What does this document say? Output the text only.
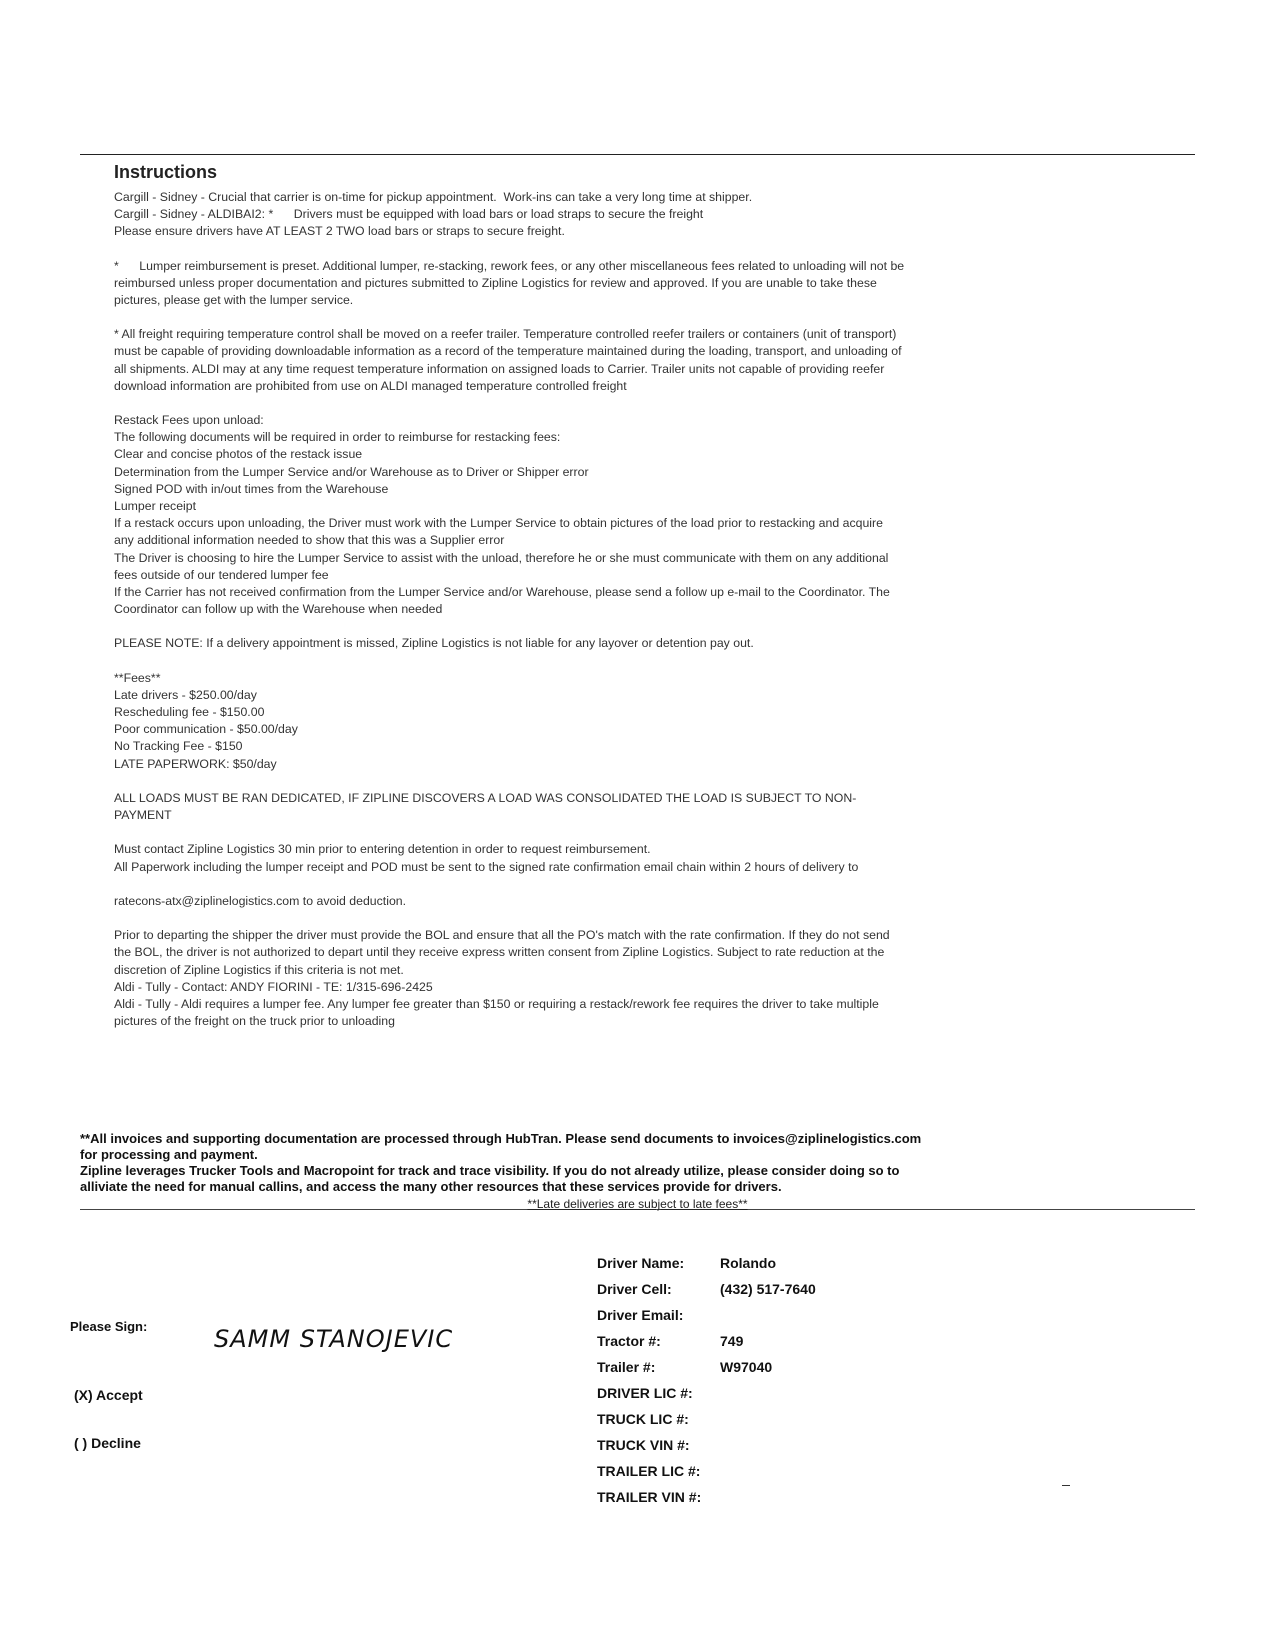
Instructions
Cargill - Sidney - Crucial that carrier is on-time for pickup appointment.  Work-ins can take a very long time at shipper.
Cargill - Sidney - ALDIBAI2: *      Drivers must be equipped with load bars or load straps to secure the freight
Please ensure drivers have AT LEAST 2 TWO load bars or straps to secure freight.
*      Lumper reimbursement is preset. Additional lumper, re-stacking, rework fees, or any other miscellaneous fees related to unloading will not be
reimbursed unless proper documentation and pictures submitted to Zipline Logistics for review and approved. If you are unable to take these
pictures, please get with the lumper service.
* All freight requiring temperature control shall be moved on a reefer trailer. Temperature controlled reefer trailers or containers (unit of transport)
must be capable of providing downloadable information as a record of the temperature maintained during the loading, transport, and unloading of
all shipments. ALDI may at any time request temperature information on assigned loads to Carrier. Trailer units not capable of providing reefer
download information are prohibited from use on ALDI managed temperature controlled freight
Restack Fees upon unload:
The following documents will be required in order to reimburse for restacking fees:
Clear and concise photos of the restack issue
Determination from the Lumper Service and/or Warehouse as to Driver or Shipper error
Signed POD with in/out times from the Warehouse
Lumper receipt
If a restack occurs upon unloading, the Driver must work with the Lumper Service to obtain pictures of the load prior to restacking and acquire
any additional information needed to show that this was a Supplier error
The Driver is choosing to hire the Lumper Service to assist with the unload, therefore he or she must communicate with them on any additional
fees outside of our tendered lumper fee
If the Carrier has not received confirmation from the Lumper Service and/or Warehouse, please send a follow up e-mail to the Coordinator. The
Coordinator can follow up with the Warehouse when needed
PLEASE NOTE: If a delivery appointment is missed, Zipline Logistics is not liable for any layover or detention pay out.
**Fees**
Late drivers - $250.00/day
Rescheduling fee - $150.00
Poor communication - $50.00/day
No Tracking Fee - $150
LATE PAPERWORK: $50/day
ALL LOADS MUST BE RAN DEDICATED, IF ZIPLINE DISCOVERS A LOAD WAS CONSOLIDATED THE LOAD IS SUBJECT TO NON-
PAYMENT
Must contact Zipline Logistics 30 min prior to entering detention in order to request reimbursement.
All Paperwork including the lumper receipt and POD must be sent to the signed rate confirmation email chain within 2 hours of delivery to

ratecons-atx@ziplinelogistics.com to avoid deduction.
Prior to departing the shipper the driver must provide the BOL and ensure that all the PO's match with the rate confirmation. If they do not send
the BOL, the driver is not authorized to depart until they receive express written consent from Zipline Logistics. Subject to rate reduction at the
discretion of Zipline Logistics if this criteria is not met.
Aldi - Tully - Contact: ANDY FIORINI - TE: 1/315-696-2425
Aldi - Tully - Aldi requires a lumper fee. Any lumper fee greater than $150 or requiring a restack/rework fee requires the driver to take multiple
pictures of the freight on the truck prior to unloading
**All invoices and supporting documentation are processed through HubTran. Please send documents to invoices@ziplinelogistics.com
for processing and payment.
Zipline leverages Trucker Tools and Macropoint for track and trace visibility. If you do not already utilize, please consider doing so to
alliviate the need for manual callins, and access the many other resources that these services provide for drivers.
**Late deliveries are subject to late fees**
Please Sign:	SAMM STANOJEVIC
(X) Accept
( ) Decline
Driver Name:	Rolando
Driver Cell:	(432) 517-7640
Driver Email:
Tractor #:	749
Trailer #:	W97040
DRIVER LIC #:
TRUCK LIC #:
TRUCK VIN #:
TRAILER LIC #:
TRAILER VIN #:
